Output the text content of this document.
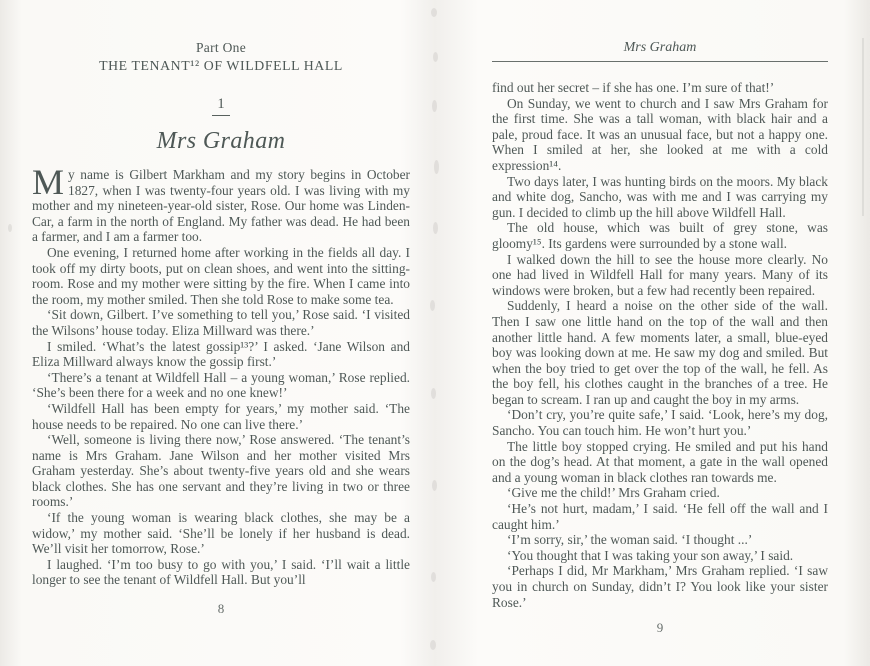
Part One
THE TENANT¹² OF WILDFELL HALL
1
Mrs Graham

My name is Gilbert Markham and my story begins in October 1827, when I was twenty-four years old. I was living with my mother and my nineteen-year-old sister, Rose. Our home was Linden-Car, a farm in the north of England. My father was dead. He had been a farmer, and I am a farmer too.

One evening, I returned home after working in the fields all day. I took off my dirty boots, put on clean shoes, and went into the sitting-room. Rose and my mother were sitting by the fire. When I came into the room, my mother smiled. Then she told Rose to make some tea.

‘Sit down, Gilbert. I’ve something to tell you,’ Rose said. ‘I visited the Wilsons’ house today. Eliza Millward was there.’

I smiled. ‘What’s the latest gossip¹³?’ I asked. ‘Jane Wilson and Eliza Millward always know the gossip first.’

‘There’s a tenant at Wildfell Hall – a young woman,’ Rose replied. ‘She’s been there for a week and no one knew!’

‘Wildfell Hall has been empty for years,’ my mother said. ‘The house needs to be repaired. No one can live there.’

‘Well, someone is living there now,’ Rose answered. ‘The tenant’s name is Mrs Graham. Jane Wilson and her mother visited Mrs Graham yesterday. She’s about twenty-five years old and she wears black clothes. She has one servant and they’re living in two or three rooms.’

‘If the young woman is wearing black clothes, she may be a widow,’ my mother said. ‘She’ll be lonely if her husband is dead. We’ll visit her tomorrow, Rose.’

I laughed. ‘I’m too busy to go with you,’ I said. ‘I’ll wait a little longer to see the tenant of Wildfell Hall. But you’ll

8
Mrs Graham

find out her secret – if she has one. I’m sure of that!’

On Sunday, we went to church and I saw Mrs Graham for the first time. She was a tall woman, with black hair and a pale, proud face. It was an unusual face, but not a happy one. When I smiled at her, she looked at me with a cold expression¹⁴.

Two days later, I was hunting birds on the moors. My black and white dog, Sancho, was with me and I was carrying my gun. I decided to climb up the hill above Wildfell Hall.

The old house, which was built of grey stone, was gloomy¹⁵. Its gardens were surrounded by a stone wall.

I walked down the hill to see the house more clearly. No one had lived in Wildfell Hall for many years. Many of its windows were broken, but a few had recently been repaired.

Suddenly, I heard a noise on the other side of the wall. Then I saw one little hand on the top of the wall and then another little hand. A few moments later, a small, blue-eyed boy was looking down at me. He saw my dog and smiled. But when the boy tried to get over the top of the wall, he fell. As the boy fell, his clothes caught in the branches of a tree. He began to scream. I ran up and caught the boy in my arms.

‘Don’t cry, you’re quite safe,’ I said. ‘Look, here’s my dog, Sancho. You can touch him. He won’t hurt you.’

The little boy stopped crying. He smiled and put his hand on the dog’s head. At that moment, a gate in the wall opened and a young woman in black clothes ran towards me.

‘Give me the child!’ Mrs Graham cried.

‘He’s not hurt, madam,’ I said. ‘He fell off the wall and I caught him.’

‘I’m sorry, sir,’ the woman said. ‘I thought ...’

‘You thought that I was taking your son away,’ I said.

‘Perhaps I did, Mr Markham,’ Mrs Graham replied. ‘I saw you in church on Sunday, didn’t I? You look like your sister Rose.’

9
